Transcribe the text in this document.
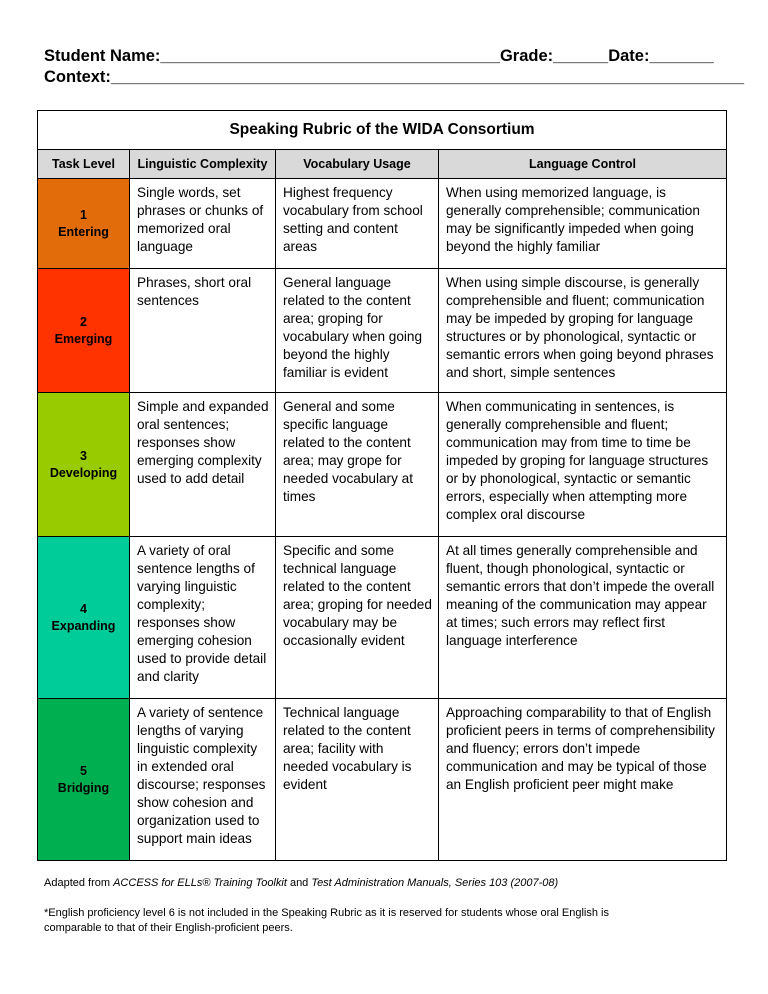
Student Name:_____________________________________Grade:______Date:_______
Context:_____________________________________________________________________
Speaking Rubric of the WIDA Consortium			
Task Level	Linguistic Complexity	Vocabulary Usage	Language Control

1
Entering	Single words, set phrases or chunks of memorized oral language	Highest frequency vocabulary from school setting and content areas	When using memorized language, is generally comprehensible; communication may be significantly impeded when going beyond the highly familiar

2
Emerging	Phrases, short oral sentences	General language related to the content area; groping for vocabulary when going beyond the highly familiar is evident	When using simple discourse, is generally comprehensible and fluent; communication may be impeded by groping for language structures or by phonological, syntactic or semantic errors when going beyond phrases and short, simple sentences

3
Developing	Simple and expanded oral sentences; responses show emerging complexity used to add detail	General and some specific language related to the content area; may grope for needed vocabulary at times	When communicating in sentences, is generally comprehensible and fluent; communication may from time to time be impeded by groping for language structures or by phonological, syntactic or semantic errors, especially when attempting more complex oral discourse

4
Expanding	A variety of oral sentence lengths of varying linguistic complexity; responses show emerging cohesion used to provide detail and clarity	Specific and some technical language related to the content area; groping for needed vocabulary may be occasionally evident	At all times generally comprehensible and fluent, though phonological, syntactic or semantic errors that don’t impede the overall meaning of the communication may appear at times; such errors may reflect first language interference

5
Bridging	A variety of sentence lengths of varying linguistic complexity in extended oral discourse; responses show cohesion and organization used to support main ideas	Technical language related to the content area; facility with needed vocabulary is evident	Approaching comparability to that of English proficient peers in terms of comprehensibility and fluency; errors don’t impede communication and may be typical of those an English proficient peer might make
Adapted from ACCESS for ELLs® Training Toolkit and Test Administration Manuals, Series 103 (2007-08)
*English proficiency level 6 is not included in the Speaking Rubric as it is reserved for students whose oral English is comparable to that of their English-proficient peers.
